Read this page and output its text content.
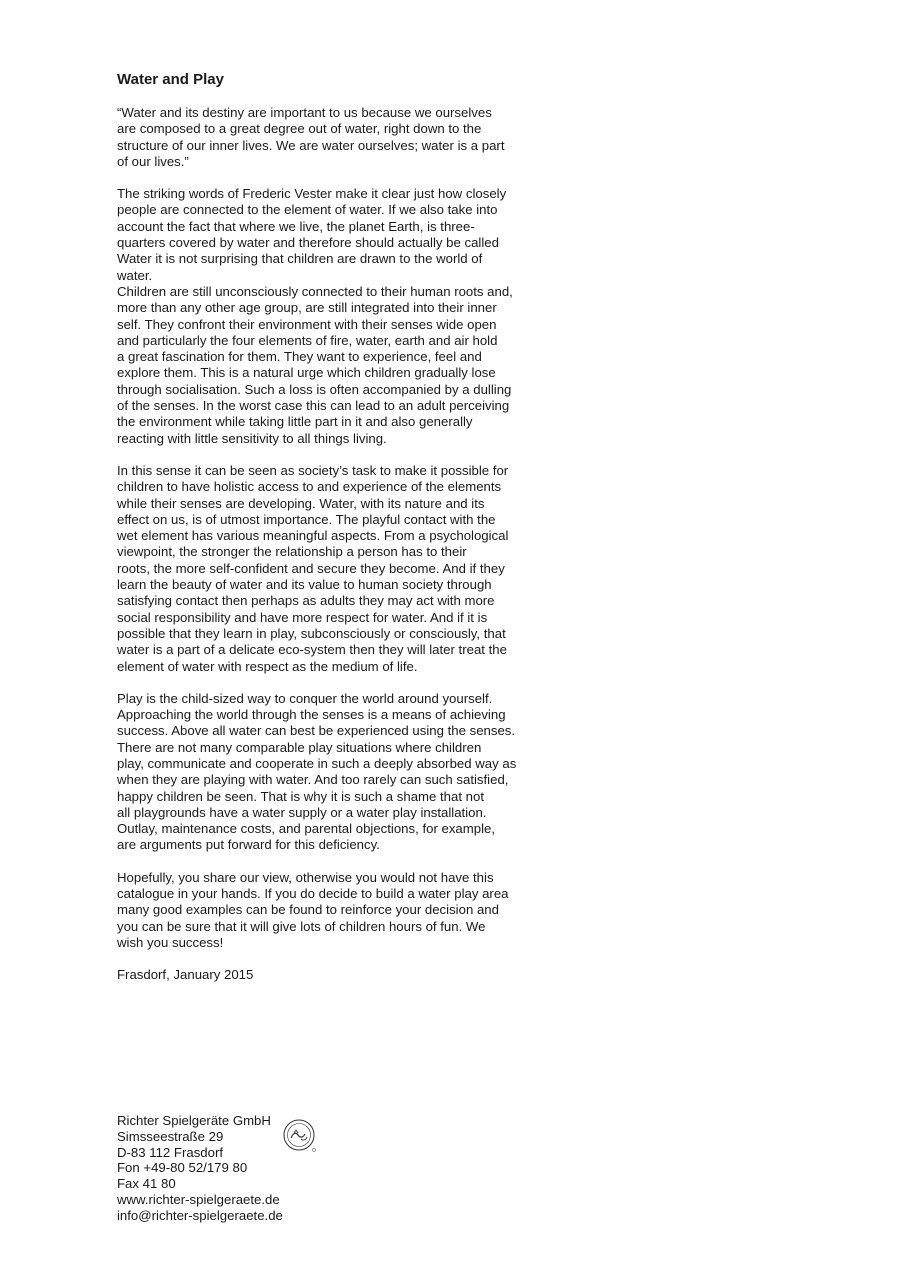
Water and Play

“Water and its destiny are important to us because we ourselves
are composed to a great degree out of water, right down to the
structure of our inner lives. We are water ourselves; water is a part
of our lives.”

The striking words of Frederic Vester make it clear just how closely
people are connected to the element of water. If we also take into
account the fact that where we live, the planet Earth, is three-
quarters covered by water and therefore should actually be called
Water it is not surprising that children are drawn to the world of
water.
Children are still unconsciously connected to their human roots and,
more than any other age group, are still integrated into their inner
self. They confront their environment with their senses wide open
and particularly the four elements of fire, water, earth and air hold
a great fascination for them. They want to experience, feel and
explore them. This is a natural urge which children gradually lose
through socialisation. Such a loss is often accompanied by a dulling
of the senses. In the worst case this can lead to an adult perceiving
the environment while taking little part in it and also generally
reacting with little sensitivity to all things living.

In this sense it can be seen as society’s task to make it possible for
children to have holistic access to and experience of the elements
while their senses are developing. Water, with its nature and its
effect on us, is of utmost importance. The playful contact with the
wet element has various meaningful aspects. From a psychological
viewpoint, the stronger the relationship a person has to their
roots, the more self-confident and secure they become. And if they
learn the beauty of water and its value to human society through
satisfying contact then perhaps as adults they may act with more
social responsibility and have more respect for water. And if it is
possible that they learn in play, subconsciously or consciously, that
water is a part of a delicate eco-system then they will later treat the
element of water with respect as the medium of life.

Play is the child-sized way to conquer the world around yourself.
Approaching the world through the senses is a means of achieving
success. Above all water can best be experienced using the senses.
There are not many comparable play situations where children
play, communicate and cooperate in such a deeply absorbed way as
when they are playing with water. And too rarely can such satisfied,
happy children be seen. That is why it is such a shame that not
all playgrounds have a water supply or a water play installation.
Outlay, maintenance costs, and parental objections, for example,
are arguments put forward for this deficiency.

Hopefully, you share our view, otherwise you would not have this
catalogue in your hands. If you do decide to build a water play area
many good examples can be found to reinforce your decision and
you can be sure that it will give lots of children hours of fun. We
wish you success!

Frasdorf, January 2015

Richter Spielgeräte GmbH
Simsseestraße 29
D-83 112 Frasdorf
Fon +49-80 52/179 80
Fax 41 80
www.richter-spielgeraete.de
info@richter-spielgeraete.de
